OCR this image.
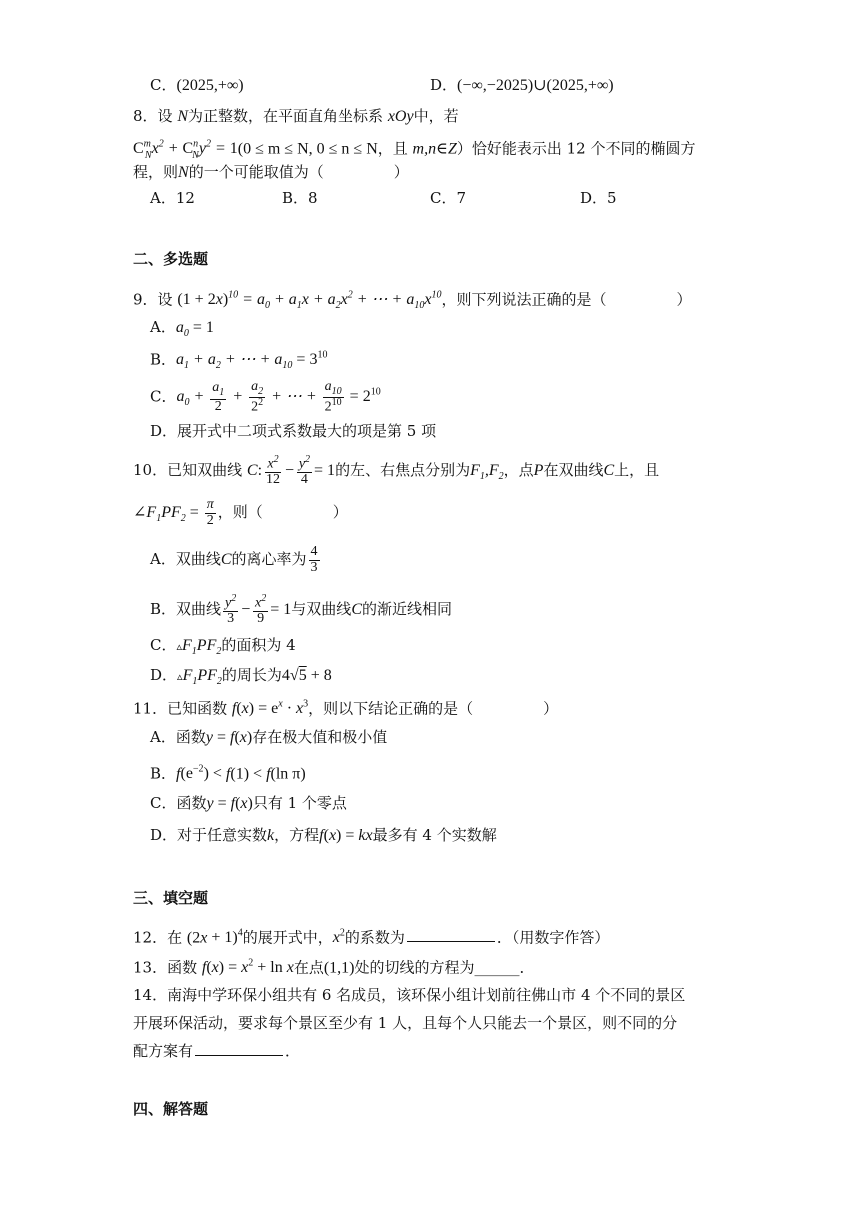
C．(2025,+∞)	D．(−∞,−2025)∪(2025,+∞)
8．设 N为正整数，在平面直角坐标系 xOy中，若
$C^m_Nx^2 + C^n_Ny^2 = 1(0 \le m \le N$, 0 ≤ n ≤ N，且 m,n∈Z）恰好能表示出 12 个不同的椭圆方
程，则N的一个可能取值为（	）
A．12	B．8	C．7	D．5
二、多选题
9．设 $(1 + 2x)^{10} = a_0 + a_1x + a_2x^2$ + ⋯ + $a_{10}x^{10}$，则下列说法正确的是（	）
A．$a_0 = 1$
B．$a_1 + a_2$ + ⋯ + $a_{10} = 3^{10}$
C．$a_0 + \frac{a_1}{2} + \frac{a_2}{2^2}$ + ⋯ + $\frac{a_{10}}{2^{10}} = 2^{10}$
D．展开式中二项式系数最大的项是第 5 项
10．已知双曲线 C: $\frac{x^2}{12} - \frac{y^2}{4} = 1$的左、右焦点分别为$F_1,F_2$，点P在双曲线C上，且
$\angle F_1PF_2 = \frac{\pi}{2}$ ，则（	）
A．双曲线C的离心率为 $\frac{4}{3}$
B．双曲线 $\frac{y^2}{3} - \frac{x^2}{9} = 1$与双曲线C的渐近线相同
C．$▵F_1PF_2$的面积为 4
D．$▵F_1PF_2$的周长为4√5 + 8
11．已知函数 $f(x) = e^x \cdot x^3$，则以下结论正确的是（	）
A．函数y = f(x)存在极大值和极小值
B．$f(e^{-2}) < f(1) < f(\ln$ π)
C．函数y = f(x)只有 1 个零点
D．对于任意实数k，方程f(x) = kx最多有 4 个实数解
三、填空题
12．在 $(2x + 1)^4$的展开式中，$x^2$的系数为	．（用数字作答）
13．函数 $f(x) = x^2 + \ln x$在点(1,1)处的切线的方程为______．
14．南海中学环保小组共有 6 名成员，该环保小组计划前往佛山市 4 个不同的景区
开展环保活动，要求每个景区至少有 1 人，且每个人只能去一个景区，则不同的分
配方案有	．
四、解答题
